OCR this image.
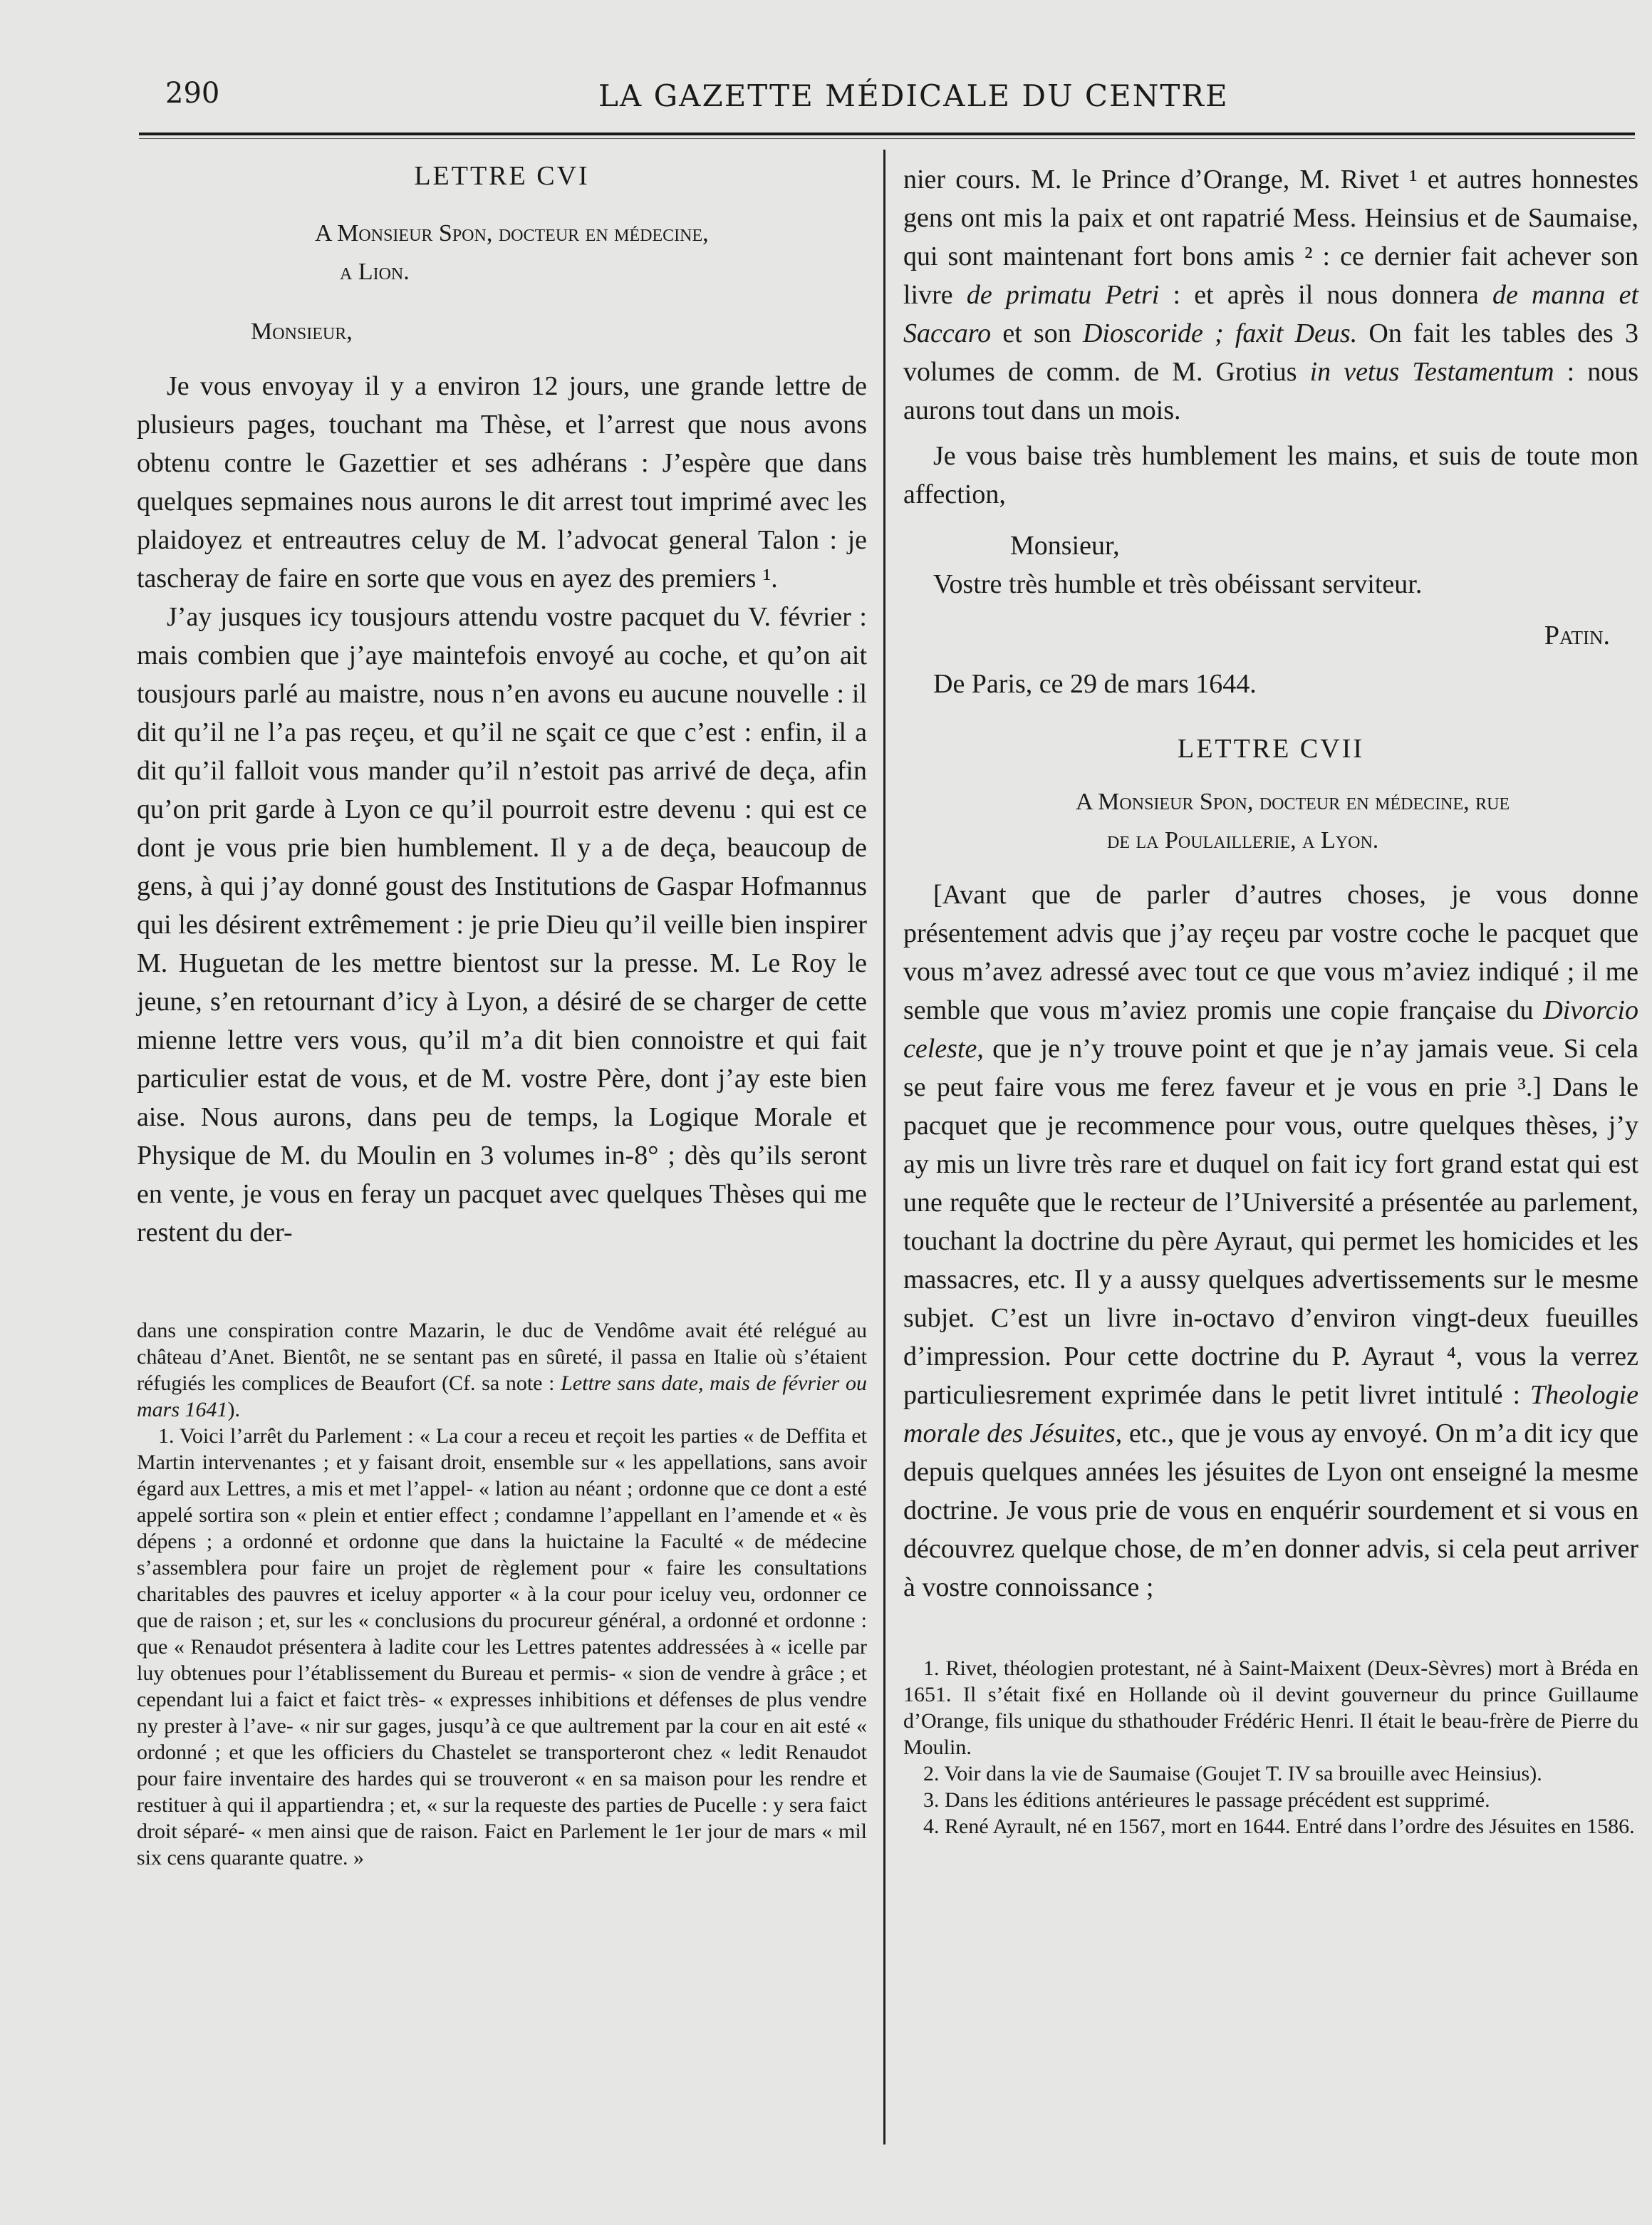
290	LA GAZETTE MÉDICALE DU CENTRE
LETTRE CVI
A Monsieur Spon, docteur en médecine,
a Lion.
Monsieur,

Je vous envoyay il y a environ 12 jours, une grande lettre de plusieurs pages, touchant ma Thèse, et l’arrest que nous avons obtenu contre le Gazettier et ses adhérans : J’espère que dans quelques sepmaines nous aurons le dit arrest tout imprimé avec les plaidoyez et entreautres celuy de M. l’advocat general Talon : je tascheray de faire en sorte que vous en ayez des premiers ¹.

J’ay jusques icy tousjours attendu vostre pacquet du V. février : mais combien que j’aye maintefois envoyé au coche, et qu’on ait tousjours parlé au maistre, nous n’en avons eu aucune nouvelle : il dit qu’il ne l’a pas reçeu, et qu’il ne sçait ce que c’est : enfin, il a dit qu’il falloit vous mander qu’il n’estoit pas arrivé de deça, afin qu’on prit garde à Lyon ce qu’il pourroit estre devenu : qui est ce dont je vous prie bien humblement. Il y a de deça, beaucoup de gens, à qui j’ay donné goust des Institutions de Gaspar Hofmannus qui les désirent extrêmement : je prie Dieu qu’il veille bien inspirer M. Huguetan de les mettre bientost sur la presse. M. Le Roy le jeune, s’en retournant d’icy à Lyon, a désiré de se charger de cette mienne lettre vers vous, qu’il m’a dit bien connoistre et qui fait particulier estat de vous, et de M. vostre Père, dont j’ay este bien aise. Nous aurons, dans peu de temps, la Logique Morale et Physique de M. du Moulin en 3 volumes in-8° ; dès qu’ils seront en vente, je vous en feray un pacquet avec quelques Thèses qui me restent du der-

dans une conspiration contre Mazarin, le duc de Vendôme avait été relégué au château d’Anet. Bientôt, ne se sentant pas en sûreté, il passa en Italie où s’étaient réfugiés les complices de Beaufort (Cf. sa note : Lettre sans date, mais de février ou mars 1641).

1. Voici l’arrêt du Parlement : « La cour a receu et reçoit les parties « de Deffita et Martin intervenantes ; et y faisant droit, ensemble sur « les appellations, sans avoir égard aux Lettres, a mis et met l’appel- « lation au néant ; ordonne que ce dont a esté appelé sortira son « plein et entier effect ; condamne l’appellant en l’amende et « ès dépens ; a ordonné et ordonne que dans la huictaine la Faculté « de médecine s’assemblera pour faire un projet de règlement pour « faire les consultations charitables des pauvres et iceluy apporter « à la cour pour iceluy veu, ordonner ce que de raison ; et, sur les « conclusions du procureur général, a ordonné et ordonne : que « Renaudot présentera à ladite cour les Lettres patentes addressées à « icelle par luy obtenues pour l’établissement du Bureau et permis- « sion de vendre à grâce ; et cependant lui a faict et faict très- « expresses inhibitions et défenses de plus vendre ny prester à l’ave- « nir sur gages, jusqu’à ce que aultrement par la cour en ait esté « ordonné ; et que les officiers du Chastelet se transporteront chez « ledit Renaudot pour faire inventaire des hardes qui se trouveront « en sa maison pour les rendre et restituer à qui il appartiendra ; et, « sur la requeste des parties de Pucelle : y sera faict droit séparé- « men ainsi que de raison. Faict en Parlement le 1er jour de mars « mil six cens quarante quatre. »

nier cours. M. le Prince d’Orange, M. Rivet ¹ et autres honnestes gens ont mis la paix et ont rapatrié Mess. Heinsius et de Saumaise, qui sont maintenant fort bons amis ² : ce dernier fait achever son livre de primatu Petri : et après il nous donnera de manna et Saccaro et son Dioscoride ; faxit Deus. On fait les tables des 3 volumes de comm. de M. Grotius in vetus Testamentum : nous aurons tout dans un mois.

Je vous baise très humblement les mains, et suis de toute mon affection,

Monsieur,

Vostre très humble et très obéissant serviteur.

Patin.

De Paris, ce 29 de mars 1644.

LETTRE CVII
A Monsieur Spon, docteur en médecine, rue
de la Poulaillerie, a Lyon.

[Avant que de parler d’autres choses, je vous donne présentement advis que j’ay reçeu par vostre coche le pacquet que vous m’avez adressé avec tout ce que vous m’aviez indiqué ; il me semble que vous m’aviez promis une copie française du Divorcio celeste, que je n’y trouve point et que je n’ay jamais veue. Si cela se peut faire vous me ferez faveur et je vous en prie ³.] Dans le pacquet que je recommence pour vous, outre quelques thèses, j’y ay mis un livre très rare et duquel on fait icy fort grand estat qui est une requête que le recteur de l’Université a présentée au parlement, touchant la doctrine du père Ayraut, qui permet les homicides et les massacres, etc. Il y a aussy quelques advertissements sur le mesme subjet. C’est un livre in-octavo d’environ vingt-deux fueuilles d’impression. Pour cette doctrine du P. Ayraut ⁴, vous la verrez particuliesrement exprimée dans le petit livret intitulé : Theologie morale des Jésuites, etc., que je vous ay envoyé. On m’a dit icy que depuis quelques années les jésuites de Lyon ont enseigné la mesme doctrine. Je vous prie de vous en enquérir sourdement et si vous en découvrez quelque chose, de m’en donner advis, si cela peut arriver à vostre connoissance ;

1. Rivet, théologien protestant, né à Saint-Maixent (Deux-Sèvres) mort à Bréda en 1651. Il s’était fixé en Hollande où il devint gouverneur du prince Guillaume d’Orange, fils unique du sthathouder Frédéric Henri. Il était le beau-frère de Pierre du Moulin.

2. Voir dans la vie de Saumaise (Goujet T. IV sa brouille avec Heinsius).

3. Dans les éditions antérieures le passage précédent est supprimé.

4. René Ayrault, né en 1567, mort en 1644. Entré dans l’ordre des Jésuites en 1586.
